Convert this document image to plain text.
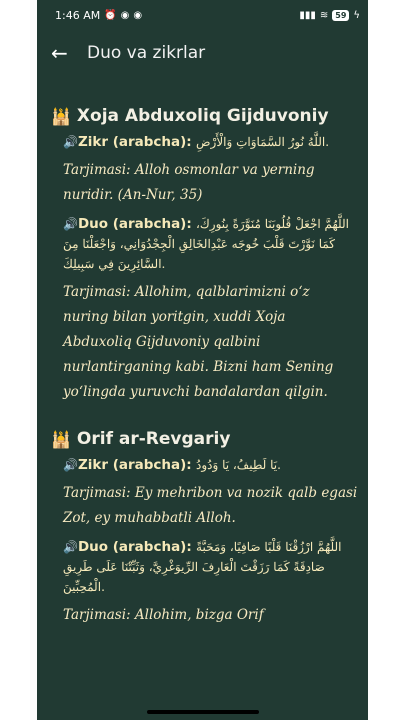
1:46 AM ⏰ ◉ ◉	▮▮▮ ≋ 59 ϟ
←	Duo va zikrlar
🕌 Xoja Abduxoliq Gijduvoniy
🔊Zikr (arabcha): اللَّهُ نُورُ السَّمَاوَاتِ وَالْأَرْضِ.
Tarjimasi: Alloh osmonlar va yerning nuridir. (An-Nur, 35)
🔊Duo (arabcha): اللَّهُمَّ اجْعَلْ قُلُوبَنَا مُنَوَّرَةً بِنُورِكَ، كَمَا نَوَّرْتَ قَلْبَ خُوجَه عَبْدِالخَالِقِ الْجِجْدُوَانِي، وَاجْعَلْنَا مِنَ السَّائِرِينَ فِي سَبِيلِكَ.
Tarjimasi: Allohim, qalblarimizni o‘z nuring bilan yoritgin, xuddi Xoja Abduxoliq Gijduvoniy qalbini nurlantirganing kabi. Bizni ham Sening yo‘lingda yuruvchi bandalardan qilgin.
🕌 Orif ar-Revgariy
🔊Zikr (arabcha): يَا لَطِيفُ، يَا وَدُودُ.
Tarjimasi: Ey mehribon va nozik qalb egasi Zot, ey muhabbatli Alloh.
🔊Duo (arabcha): اللَّهُمَّ ارْزُقْنَا قَلْبًا صَافِيًا، وَمَحَبَّةً صَادِقَةً كَمَا رَزَقْتَ الْعَارِفَ الرِّيوَغْرِيَّ، وَثَبِّتْنَا عَلَى طَرِيقِ الْمُحِبِّينَ.
Tarjimasi: Allohim, bizga Orif
